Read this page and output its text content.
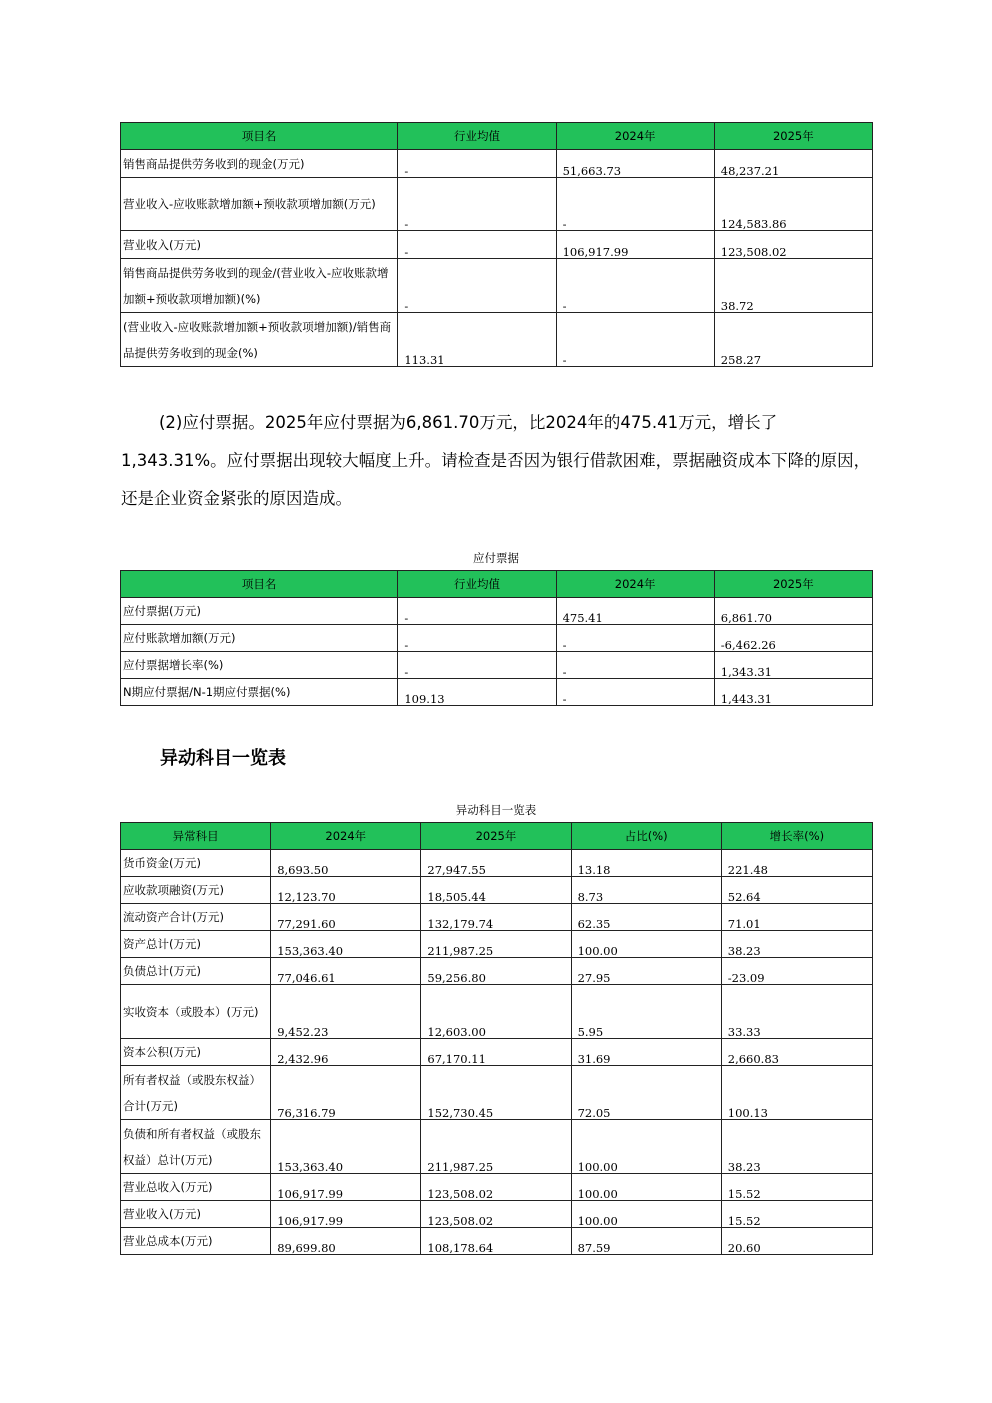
项目名	行业均值	2024年	2025年
销售商品提供劳务收到的现金(万元)	-	51,663.73	48,237.21
营业收入-应收账款增加额+预收款项增加额(万元)	-	-	124,583.86
营业收入(万元)	-	106,917.99	123,508.02
销售商品提供劳务收到的现金/(营业收入-应收账款增加额+预收款项增加额)(%)	-	-	38.72
(营业收入-应收账款增加额+预收款项增加额)/销售商品提供劳务收到的现金(%)	113.31	-	258.27
(2)应付票据。2025年应付票据为6,861.70万元，比2024年的475.41万元，增长了1,343.31%。应付票据出现较大幅度上升。请检查是否因为银行借款困难，票据融资成本下降的原因，还是企业资金紧张的原因造成。
应付票据
项目名	行业均值	2024年	2025年
应付票据(万元)	-	475.41	6,861.70
应付账款增加额(万元)	-	-	-6,462.26
应付票据增长率(%)	-	-	1,343.31
N期应付票据/N-1期应付票据(%)	109.13	-	1,443.31
异动科目一览表
异动科目一览表
异常科目	2024年	2025年	占比(%)	增长率(%)
货币资金(万元)	8,693.50	27,947.55	13.18	221.48
应收款项融资(万元)	12,123.70	18,505.44	8.73	52.64
流动资产合计(万元)	77,291.60	132,179.74	62.35	71.01
资产总计(万元)	153,363.40	211,987.25	100.00	38.23
负债总计(万元)	77,046.61	59,256.80	27.95	-23.09
实收资本（或股本）(万元)	9,452.23	12,603.00	5.95	33.33
资本公积(万元)	2,432.96	67,170.11	31.69	2,660.83
所有者权益（或股东权益）合计(万元)	76,316.79	152,730.45	72.05	100.13
负债和所有者权益（或股东权益）总计(万元)	153,363.40	211,987.25	100.00	38.23
营业总收入(万元)	106,917.99	123,508.02	100.00	15.52
营业收入(万元)	106,917.99	123,508.02	100.00	15.52
营业总成本(万元)	89,699.80	108,178.64	87.59	20.60
